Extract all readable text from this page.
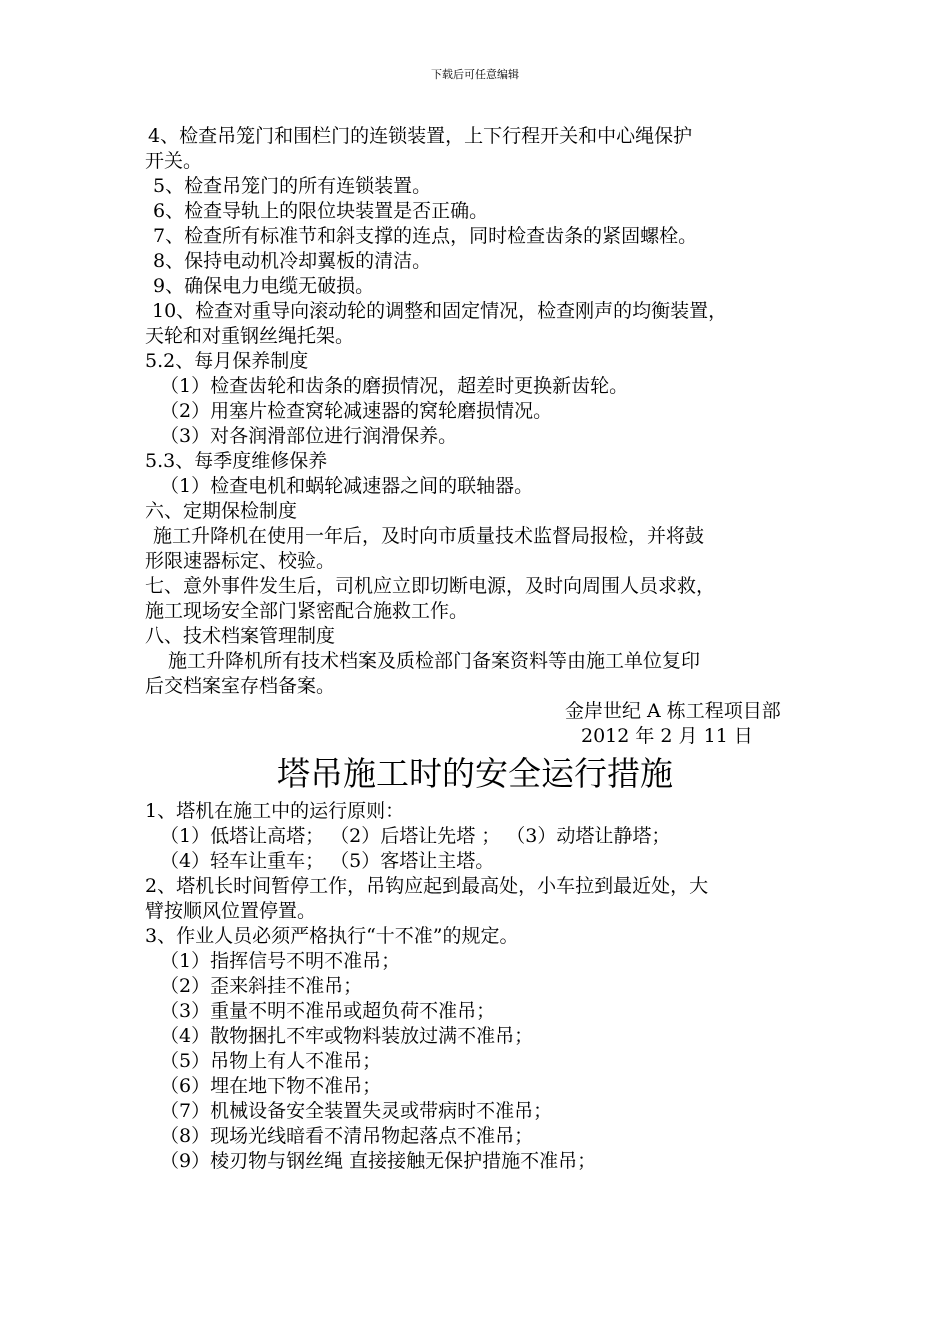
下载后可任意编辑
4、检查吊笼门和围栏门的连锁装置，上下行程开关和中心绳保护
开关。
5、检查吊笼门的所有连锁装置。
6、检查导轨上的限位块装置是否正确。
7、检查所有标准节和斜支撑的连点，同时检查齿条的紧固螺栓。
8、保持电动机冷却翼板的清洁。
9、确保电力电缆无破损。
10、检查对重导向滚动轮的调整和固定情况，检查刚声的均衡装置，
天轮和对重钢丝绳托架。
5.2、每月保养制度
（1）检查齿轮和齿条的磨损情况，超差时更换新齿轮。
（2）用塞片检查窝轮减速器的窝轮磨损情况。
（3）对各润滑部位进行润滑保养。
5.3、每季度维修保养
（1）检查电机和蜗轮减速器之间的联轴器。
六、定期保检制度
施工升降机在使用一年后，及时向市质量技术监督局报检，并将鼓
形限速器标定、校验。
七、意外事件发生后，司机应立即切断电源，及时向周围人员求救，
施工现场安全部门紧密配合施救工作。
八、技术档案管理制度
施工升降机所有技术档案及质检部门备案资料等由施工单位复印
后交档案室存档备案。
金岸世纪 A 栋工程项目部
2012 年 2 月 11 日
塔吊施工时的安全运行措施
1、塔机在施工中的运行原则：
（1）低塔让高塔； （2）后塔让先塔 ； （3）动塔让静塔；
（4）轻车让重车； （5）客塔让主塔。
2、塔机长时间暂停工作，吊钩应起到最高处，小车拉到最近处，大
臂按顺风位置停置。
3、作业人员必须严格执行“十不准”的规定。
（1）指挥信号不明不准吊；
（2）歪来斜挂不准吊；
（3）重量不明不准吊或超负荷不准吊；
（4）散物捆扎不牢或物料装放过满不准吊；
（5）吊物上有人不准吊；
（6）埋在地下物不准吊；
（7）机械设备安全装置失灵或带病时不准吊；
（8）现场光线暗看不清吊物起落点不准吊；
（9）棱刃物与钢丝绳 直接接触无保护措施不准吊；
